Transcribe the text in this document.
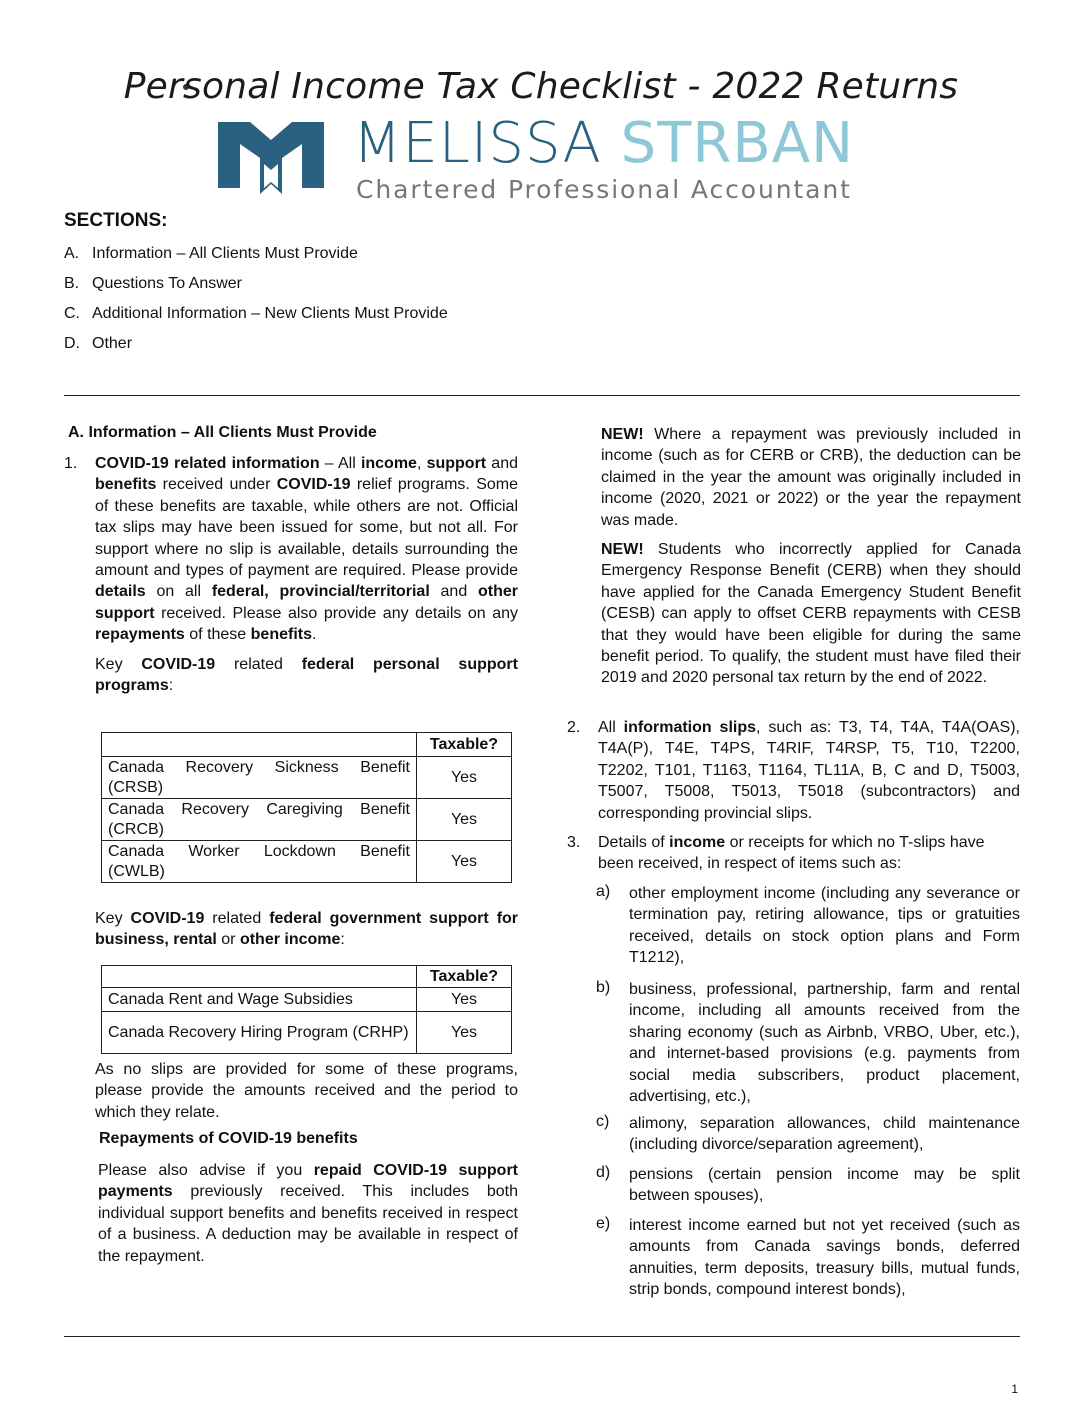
Personal Income Tax Checklist - 2022 Returns
MELISSA STRBAN
Chartered Professional Accountant
SECTIONS:
A. Information – All Clients Must Provide
B. Questions To Answer
C. Additional Information – New Clients Must Provide
D. Other
A. Information – All Clients Must Provide
1. COVID-19 related information – All income, support and benefits received under COVID-19 relief programs. Some of these benefits are taxable, while others are not. Official tax slips may have been issued for some, but not all. For support where no slip is available, details surrounding the amount and types of payment are required. Please provide details on all federal, provincial/territorial and other support received. Please also provide any details on any repayments of these benefits.

Key COVID-19 related federal personal support programs:

	Taxable?
Canada Recovery Sickness Benefit (CRSB)	Yes
Canada Recovery Caregiving Benefit (CRCB)	Yes
Canada Worker Lockdown Benefit (CWLB)	Yes

Key COVID-19 related federal government support for business, rental or other income:

	Taxable?
Canada Rent and Wage Subsidies	Yes
Canada Recovery Hiring Program (CRHP)	Yes
As no slips are provided for some of these programs, please provide the amounts received and the period to which they relate.
Repayments of COVID-19 benefits

Please also advise if you repaid COVID-19 support payments previously received. This includes both individual support benefits and benefits received in respect of a business. A deduction may be available in respect of the repayment.

NEW! Where a repayment was previously included in income (such as for CERB or CRB), the deduction can be claimed in the year the amount was originally included in income (2020, 2021 or 2022) or the year the repayment was made.

NEW! Students who incorrectly applied for Canada Emergency Response Benefit (CERB) when they should have applied for the Canada Emergency Student Benefit (CESB) can apply to offset CERB repayments with CESB that they would have been eligible for during the same benefit period. To qualify, the student must have filed their 2019 and 2020 personal tax return by the end of 2022.

2. All information slips, such as: T3, T4, T4A, T4A(OAS), T4A(P), T4E, T4PS, T4RIF, T4RSP, T5, T10, T2200, T2202, T101, T1163, T1164, TL11A, B, C and D, T5003, T5007, T5008, T5013, T5018 (subcontractors) and corresponding provincial slips.

3. Details of income or receipts for which no T-slips have been received, in respect of items such as:

a) other employment income (including any severance or termination pay, retiring allowance, tips or gratuities received, details on stock option plans and Form T1212),
b) business, professional, partnership, farm and rental income, including all amounts received from the sharing economy (such as Airbnb, VRBO, Uber, etc.), and internet-based provisions (e.g. payments from social media subscribers, product placement, advertising, etc.),
c) alimony, separation allowances, child maintenance (including divorce/separation agreement),
d) pensions (certain pension income may be split between spouses),
e) interest income earned but not yet received (such as amounts from Canada savings bonds, deferred annuities, term deposits, treasury bills, mutual funds, strip bonds, compound interest bonds),
1
